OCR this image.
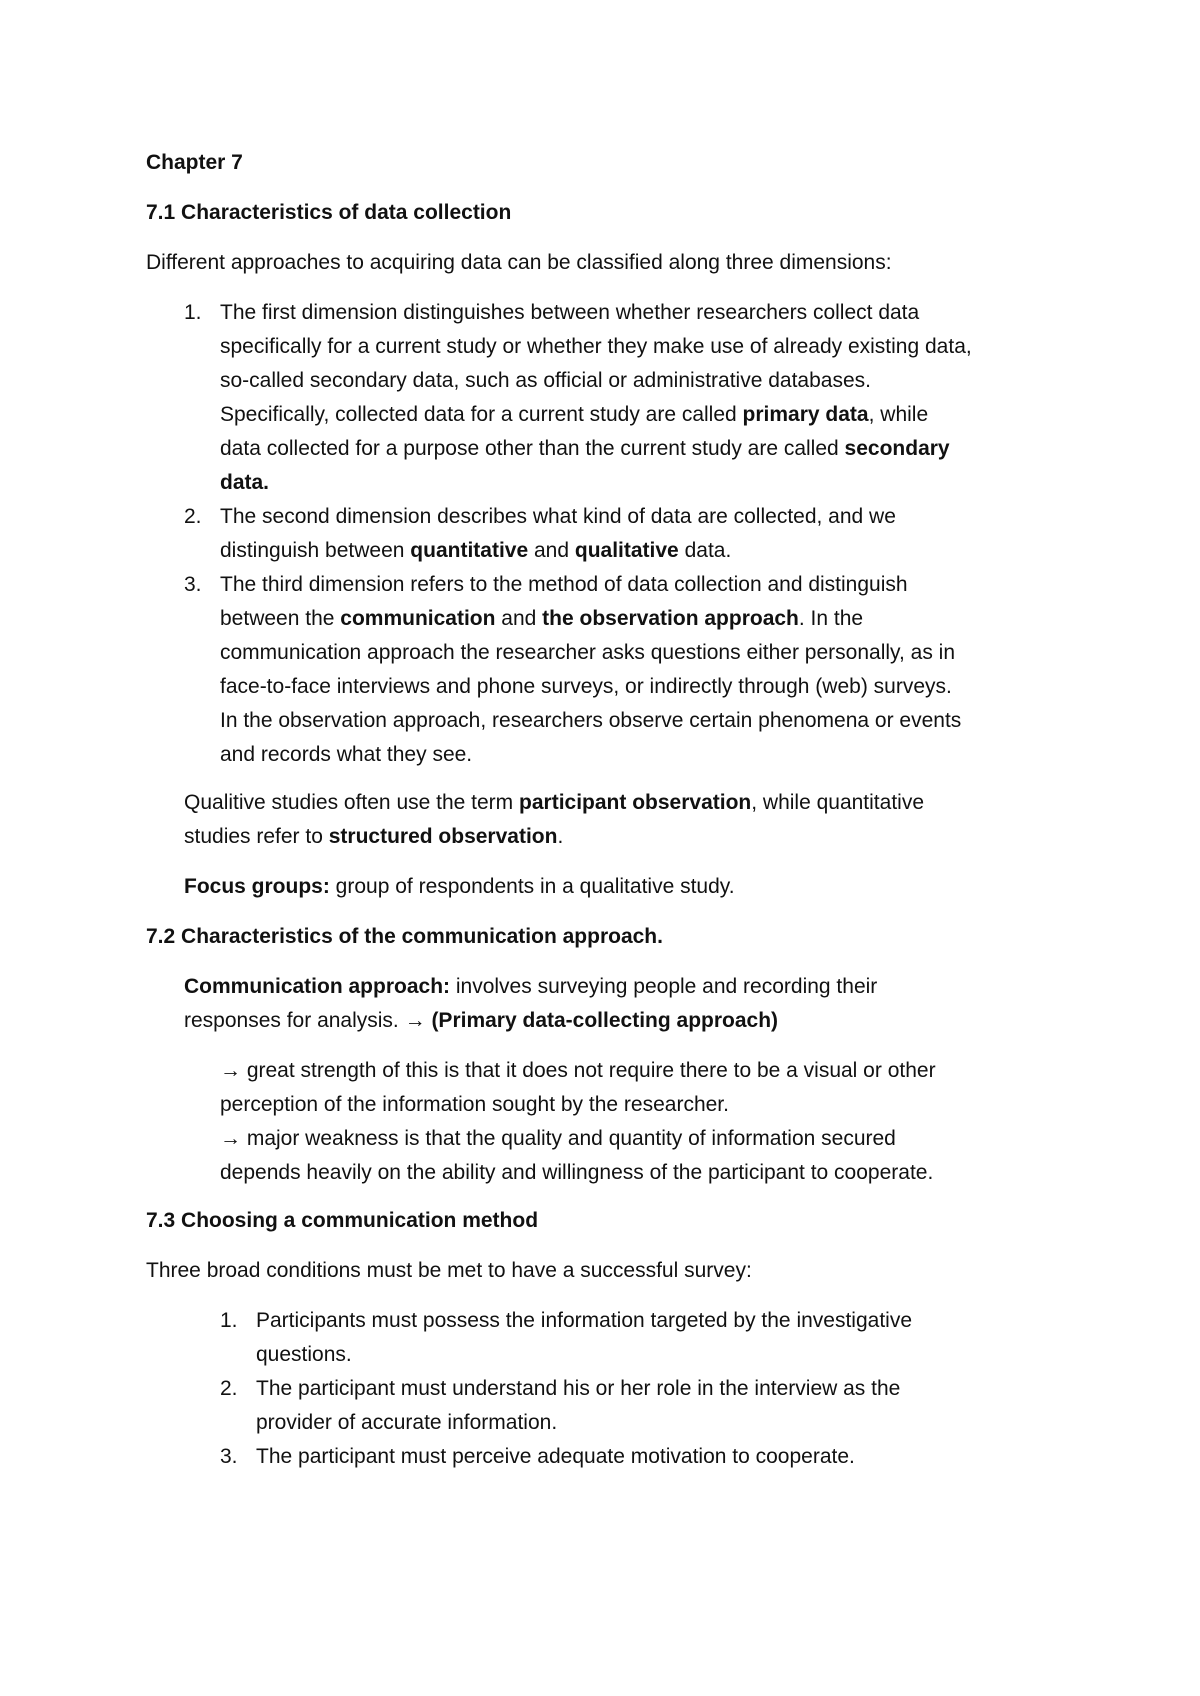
Chapter 7
7.1 Characteristics of data collection
Different approaches to acquiring data can be classified along three dimensions:
1. The first dimension distinguishes between whether researchers collect data
specifically for a current study or whether they make use of already existing data,
so-called secondary data, such as official or administrative databases.
Specifically, collected data for a current study are called primary data, while
data collected for a purpose other than the current study are called secondary
data.
2. The second dimension describes what kind of data are collected, and we
distinguish between quantitative and qualitative data.
3. The third dimension refers to the method of data collection and distinguish
between the communication and the observation approach. In the
communication approach the researcher asks questions either personally, as in
face-to-face interviews and phone surveys, or indirectly through (web) surveys.
In the observation approach, researchers observe certain phenomena or events
and records what they see.
Qualitive studies often use the term participant observation, while quantitative
studies refer to structured observation.
Focus groups: group of respondents in a qualitative study.
7.2 Characteristics of the communication approach.
Communication approach: involves surveying people and recording their
responses for analysis. → (Primary data-collecting approach)
→ great strength of this is that it does not require there to be a visual or other
perception of the information sought by the researcher.
→ major weakness is that the quality and quantity of information secured
depends heavily on the ability and willingness of the participant to cooperate.
7.3 Choosing a communication method
Three broad conditions must be met to have a successful survey:
1. Participants must possess the information targeted by the investigative
questions.
2. The participant must understand his or her role in the interview as the
provider of accurate information.
3. The participant must perceive adequate motivation to cooperate.
